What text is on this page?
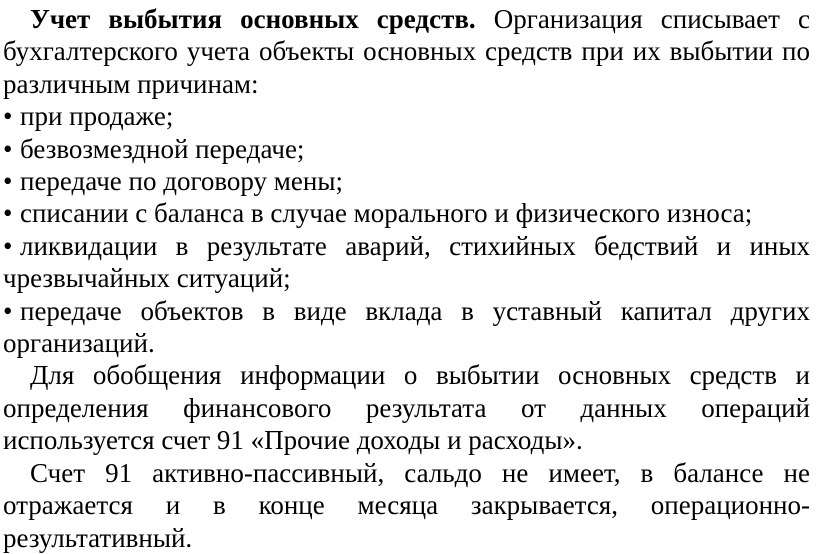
Учет выбытия основных средств. Организация списывает с бухгалтерского учета объекты основных средств при их выбытии по различным причинам:

• при продаже;

• безвозмездной передаче;

• передаче по договору мены;

• списании с баланса в случае морального и физического износа;

• ликвидации в результате аварий, стихийных бедствий и иных чрезвычайных ситуаций;

• передаче объектов в виде вклада в уставный капитал других организаций.

Для обобщения информации о выбытии основных средств и определения финансового результата от данных операций используется счет 91 «Прочие доходы и расходы».

Счет 91 активно-пассивный, сальдо не имеет, в балансе не отражается и в конце месяца закрывается, операционно-результативный.
